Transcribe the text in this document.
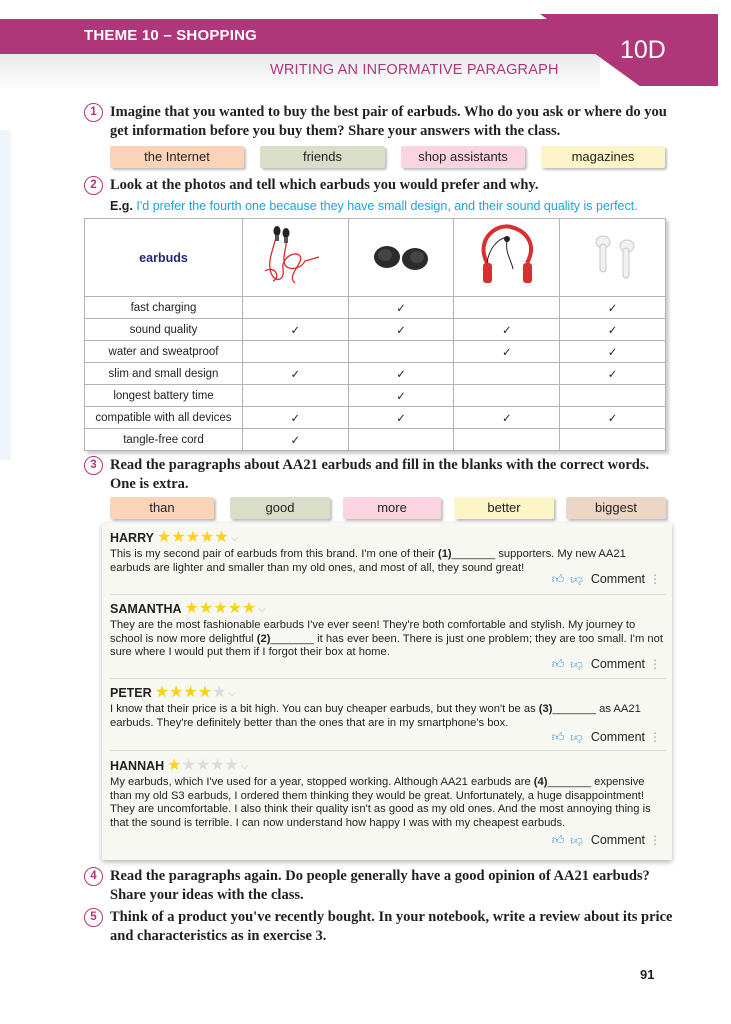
THEME 10 – SHOPPING
WRITING AN INFORMATIVE PARAGRAPH
10D
1 Imagine that you wanted to buy the best pair of earbuds. Who do you ask or where do you get information before you buy them? Share your answers with the class.
the Internet	friends	shop assistants	magazines
2 Look at the photos and tell which earbuds you would prefer and why.
E.g. I'd prefer the fourth one because they have small design, and their sound quality is perfect.
earbuds				
fast charging		✓		✓
sound quality	✓	✓	✓	✓
water and sweatproof			✓	✓
slim and small design	✓	✓		✓
longest battery time		✓		
compatible with all devices	✓	✓	✓	✓
tangle-free cord	✓			
3 Read the paragraphs about AA21 earbuds and fill in the blanks with the correct words. One is extra.
than	good	more	better	biggest
HARRY ★★★★★ ⌵
This is my second pair of earbuds from this brand. I'm one of their (1)_______ supporters. My new AA21 earbuds are lighter and smaller than my old ones, and most of all, they sound great!
👍︎ 👍︎ Comment ⋮
SAMANTHA ★★★★★ ⌵
They are the most fashionable earbuds I've ever seen! They're both comfortable and stylish. My journey to school is now more delightful (2)_______ it has ever been. There is just one problem; they are too small. I'm not sure where I would put them if I forgot their box at home.
👍︎ 👍︎ Comment ⋮
PETER ★★★★★ ⌵
I know that their price is a bit high. You can buy cheaper earbuds, but they won't be as (3)_______ as AA21 earbuds. They're definitely better than the ones that are in my smartphone's box.
👍︎ 👍︎ Comment ⋮
HANNAH ★★★★★ ⌵
My earbuds, which I've used for a year, stopped working. Although AA21 earbuds are (4)_______ expensive than my old S3 earbuds, I ordered them thinking they would be great. Unfortunately, a huge disappointment! They are uncomfortable. I also think their quality isn't as good as my old ones. And the most annoying thing is that the sound is terrible. I can now understand how happy I was with my cheapest earbuds.
👍︎ 👍︎ Comment ⋮
4 Read the paragraphs again. Do people generally have a good opinion of AA21 earbuds? Share your ideas with the class.
5 Think of a product you've recently bought. In your notebook, write a review about its price and characteristics as in exercise 3.
91
